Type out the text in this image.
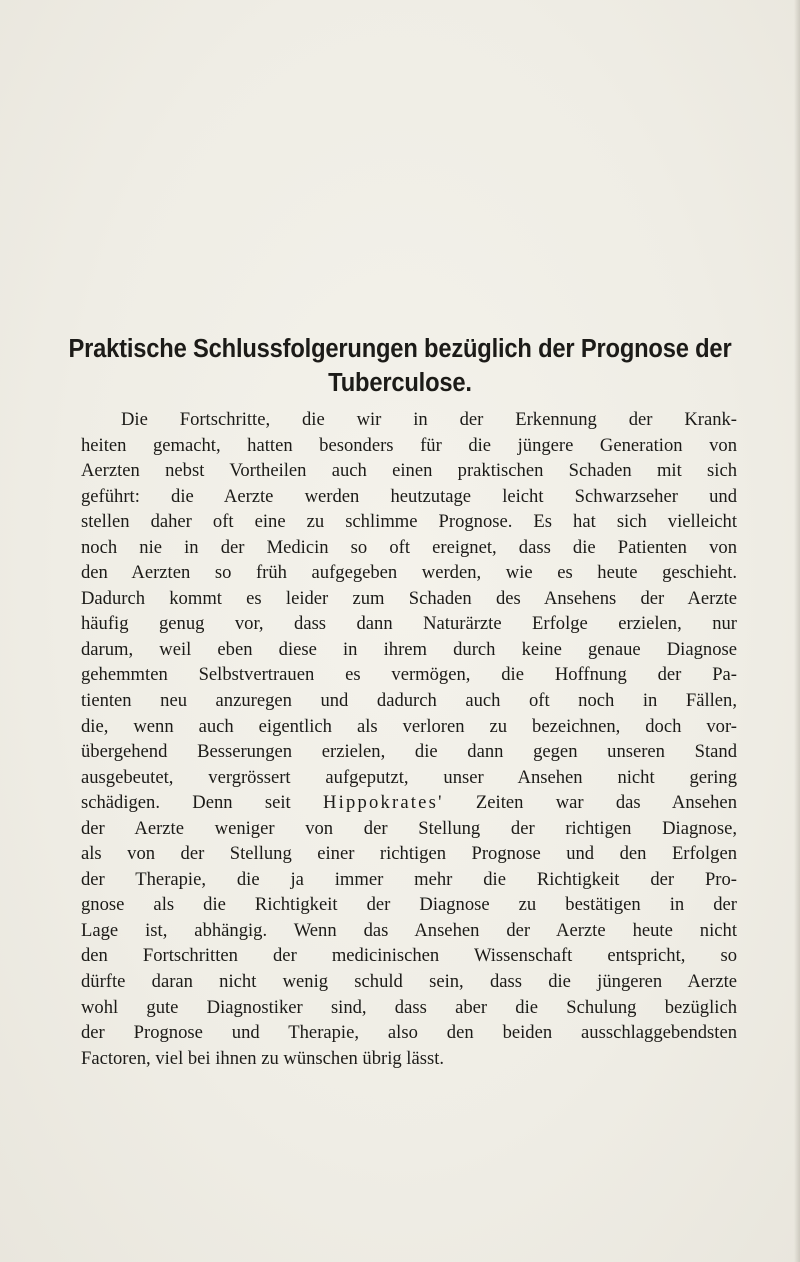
Praktische Schlussfolgerungen bezüglich der Prognose der
Tuberculose.
Die Fortschritte, die wir in der Erkennung der Krank-
heiten gemacht, hatten besonders für die jüngere Generation von
Aerzten nebst Vortheilen auch einen praktischen Schaden mit sich
geführt: die Aerzte werden heutzutage leicht Schwarzseher und
stellen daher oft eine zu schlimme Prognose. Es hat sich vielleicht
noch nie in der Medicin so oft ereignet, dass die Patienten von
den Aerzten so früh aufgegeben werden, wie es heute geschieht.
Dadurch kommt es leider zum Schaden des Ansehens der Aerzte
häufig genug vor, dass dann Naturärzte Erfolge erzielen, nur
darum, weil eben diese in ihrem durch keine genaue Diagnose
gehemmten Selbstvertrauen es vermögen, die Hoffnung der Pa-
tienten neu anzuregen und dadurch auch oft noch in Fällen,
die, wenn auch eigentlich als verloren zu bezeichnen, doch vor-
übergehend Besserungen erzielen, die dann gegen unseren Stand
ausgebeutet, vergrössert aufgeputzt, unser Ansehen nicht gering
schädigen. Denn seit Hippokrates' Zeiten war das Ansehen
der Aerzte weniger von der Stellung der richtigen Diagnose,
als von der Stellung einer richtigen Prognose und den Erfolgen
der Therapie, die ja immer mehr die Richtigkeit der Pro-
gnose als die Richtigkeit der Diagnose zu bestätigen in der
Lage ist, abhängig. Wenn das Ansehen der Aerzte heute nicht
den Fortschritten der medicinischen Wissenschaft entspricht, so
dürfte daran nicht wenig schuld sein, dass die jüngeren Aerzte
wohl gute Diagnostiker sind, dass aber die Schulung bezüglich
der Prognose und Therapie, also den beiden ausschlaggebendsten
Factoren, viel bei ihnen zu wünschen übrig lässt.
